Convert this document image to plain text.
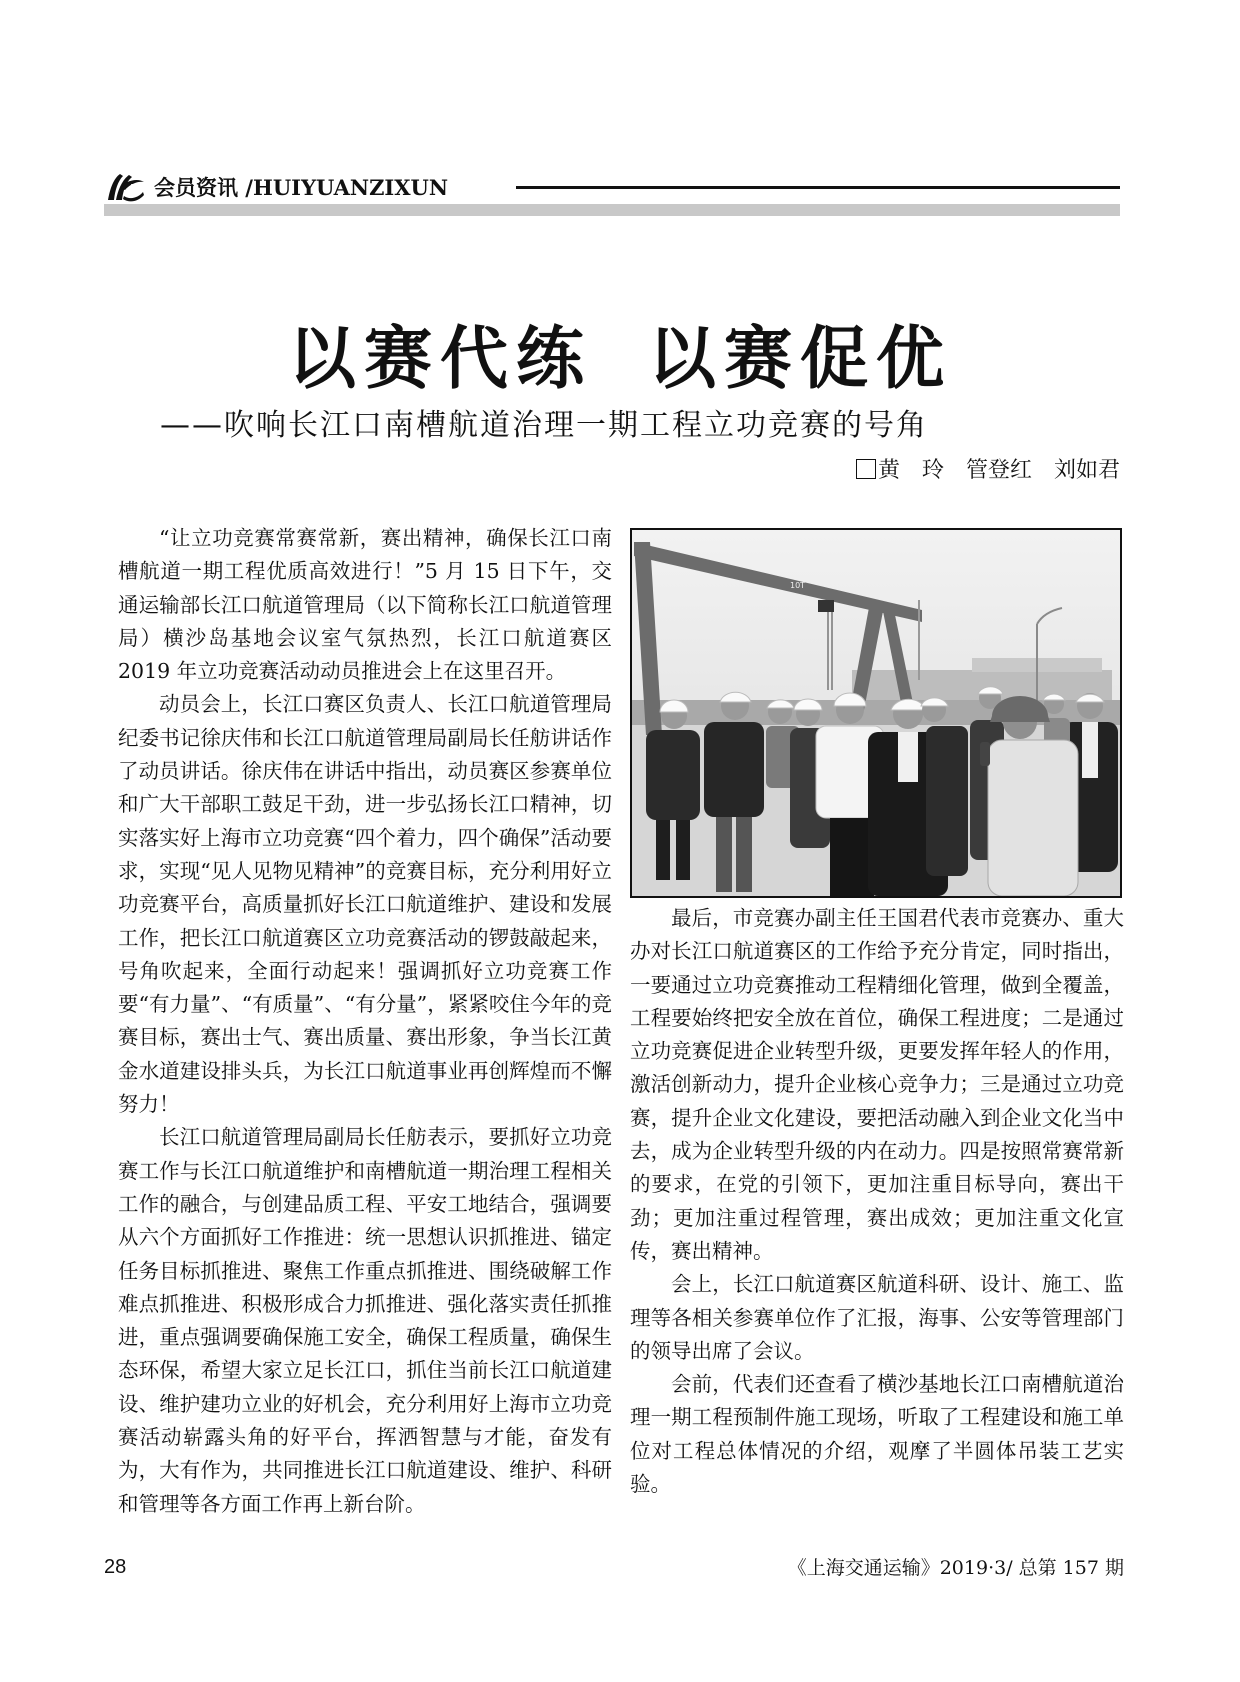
会员资讯 /HUIYUANZIXUN
以赛代练 以赛促优
——吹响长江口南槽航道治理一期工程立功竞赛的号角
黄　玲 管登红 刘如君

“让立功竞赛常赛常新，赛出精神，确保长江口南槽航道一期工程优质高效进行！”5 月 15 日下午，交通运输部长江口航道管理局（以下简称长江口航道管理局）横沙岛基地会议室气氛热烈，长江口航道赛区 2019 年立功竞赛活动动员推进会上在这里召开。

动员会上，长江口赛区负责人、长江口航道管理局纪委书记徐庆伟和长江口航道管理局副局长任舫讲话作了动员讲话。徐庆伟在讲话中指出，动员赛区参赛单位和广大干部职工鼓足干劲，进一步弘扬长江口精神，切实落实好上海市立功竞赛“四个着力，四个确保”活动要求，实现“见人见物见精神”的竞赛目标，充分利用好立功竞赛平台，高质量抓好长江口航道维护、建设和发展工作，把长江口航道赛区立功竞赛活动的锣鼓敲起来，号角吹起来，全面行动起来！强调抓好立功竞赛工作要“有力量”、“有质量”、“有分量”，紧紧咬住今年的竞赛目标，赛出士气、赛出质量、赛出形象，争当长江黄金水道建设排头兵，为长江口航道事业再创辉煌而不懈努力！

长江口航道管理局副局长任舫表示，要抓好立功竞赛工作与长江口航道维护和南槽航道一期治理工程相关工作的融合，与创建品质工程、平安工地结合，强调要从六个方面抓好工作推进：统一思想认识抓推进、锚定任务目标抓推进、聚焦工作重点抓推进、围绕破解工作难点抓推进、积极形成合力抓推进、强化落实责任抓推进，重点强调要确保施工安全，确保工程质量，确保生态环保，希望大家立足长江口，抓住当前长江口航道建设、维护建功立业的好机会，充分利用好上海市立功竞赛活动崭露头角的好平台，挥洒智慧与才能，奋发有为，大有作为，共同推进长江口航道建设、维护、科研和管理等各方面工作再上新台阶。

10T

最后，市竞赛办副主任王国君代表市竞赛办、重大办对长江口航道赛区的工作给予充分肯定，同时指出，一要通过立功竞赛推动工程精细化管理，做到全覆盖，工程要始终把安全放在首位，确保工程进度；二是通过立功竞赛促进企业转型升级，更要发挥年轻人的作用，激活创新动力，提升企业核心竞争力；三是通过立功竞赛，提升企业文化建设，要把活动融入到企业文化当中去，成为企业转型升级的内在动力。四是按照常赛常新的要求，在党的引领下，更加注重目标导向，赛出干劲；更加注重过程管理，赛出成效；更加注重文化宣传，赛出精神。

会上，长江口航道赛区航道科研、设计、施工、监理等各相关参赛单位作了汇报，海事、公安等管理部门的领导出席了会议。

会前，代表们还查看了横沙基地长江口南槽航道治理一期工程预制件施工现场，听取了工程建设和施工单位对工程总体情况的介绍，观摩了半圆体吊装工艺实验。

28	《上海交通运输》2019·3/ 总第 157 期
